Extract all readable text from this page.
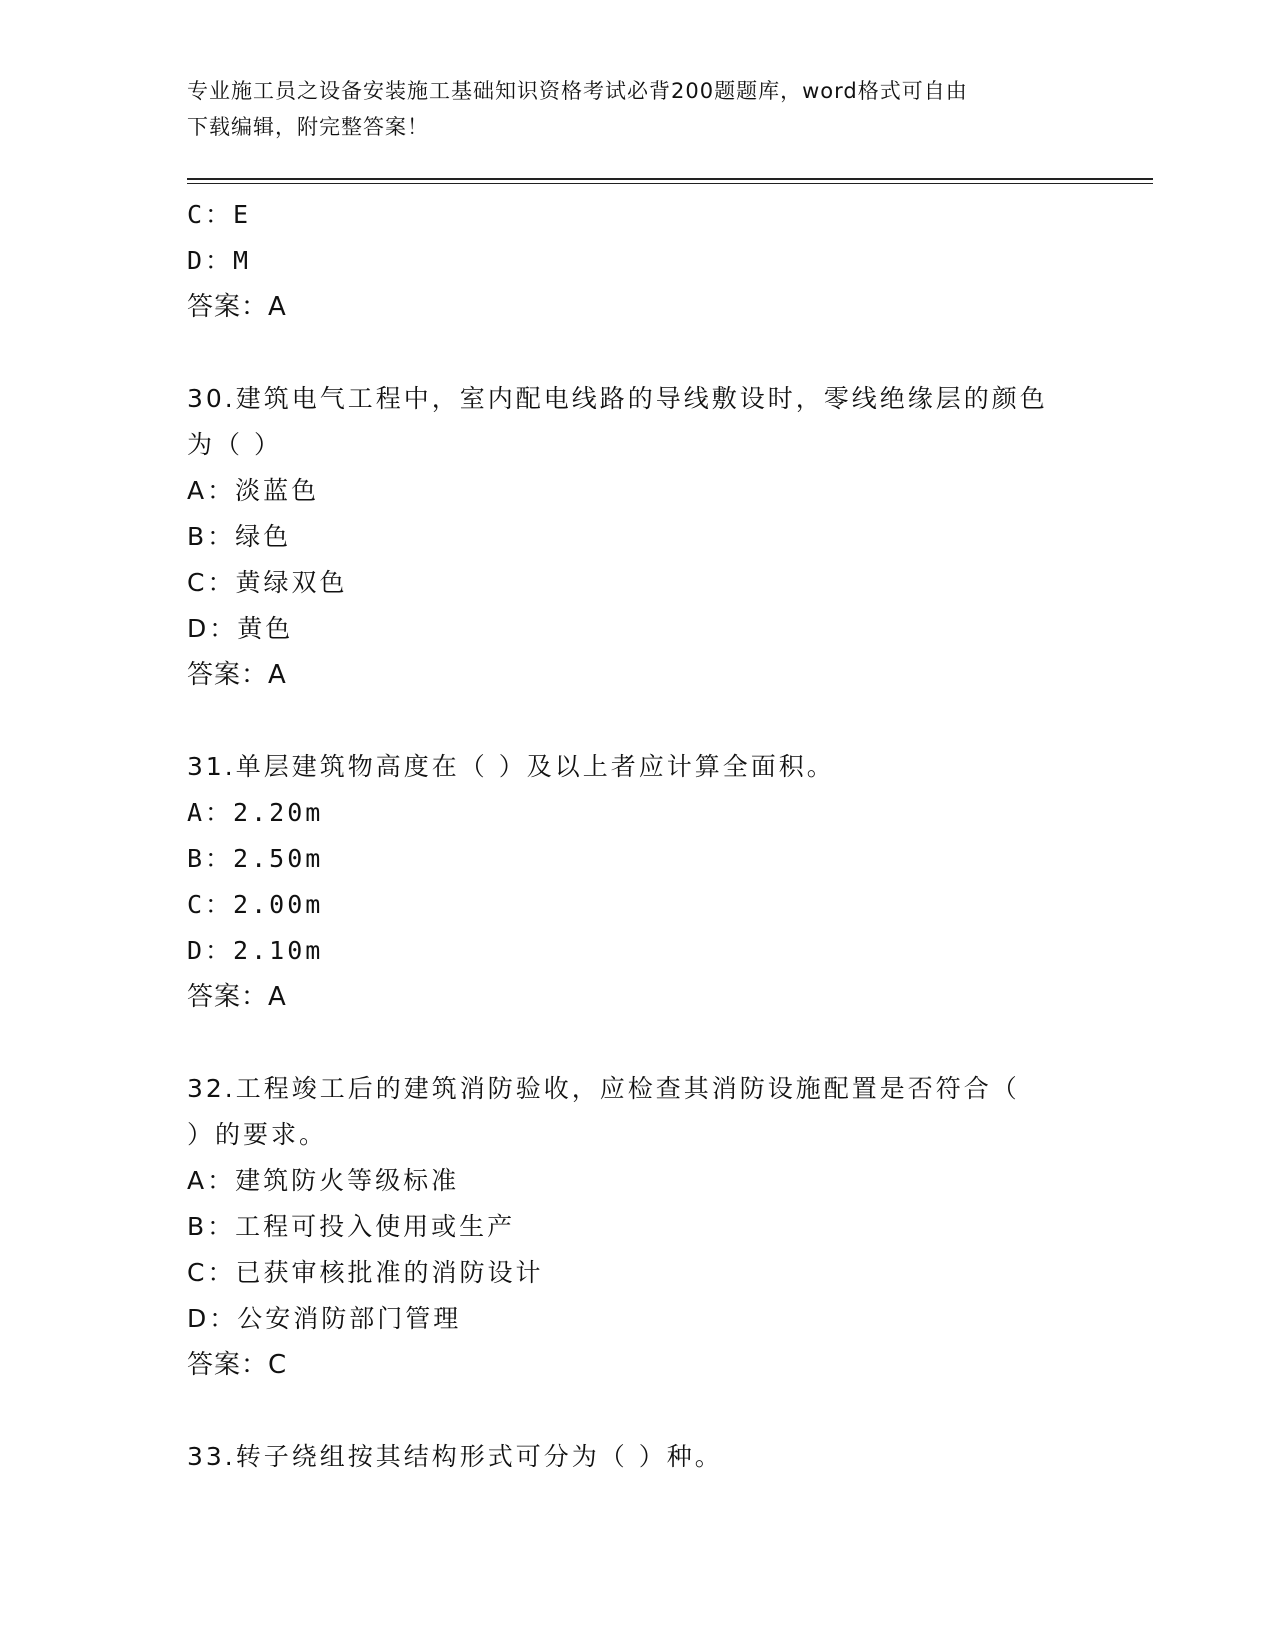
专业施工员之设备安装施工基础知识资格考试必背200题题库，word格式可自由
下载编辑，附完整答案！
C：E
D：M
答案：A
30.建筑电气工程中，室内配电线路的导线敷设时，零线绝缘层的颜色
为（ ）
A：淡蓝色
B：绿色
C：黄绿双色
D：黄色
答案：A
31.单层建筑物高度在（ ）及以上者应计算全面积。
A：2.20m
B：2.50m
C：2.00m
D：2.10m
答案：A
32.工程竣工后的建筑消防验收，应检查其消防设施配置是否符合（
）的要求。
A：建筑防火等级标准
B：工程可投入使用或生产
C：已获审核批准的消防设计
D：公安消防部门管理
答案：C
33.转子绕组按其结构形式可分为（ ）种。
